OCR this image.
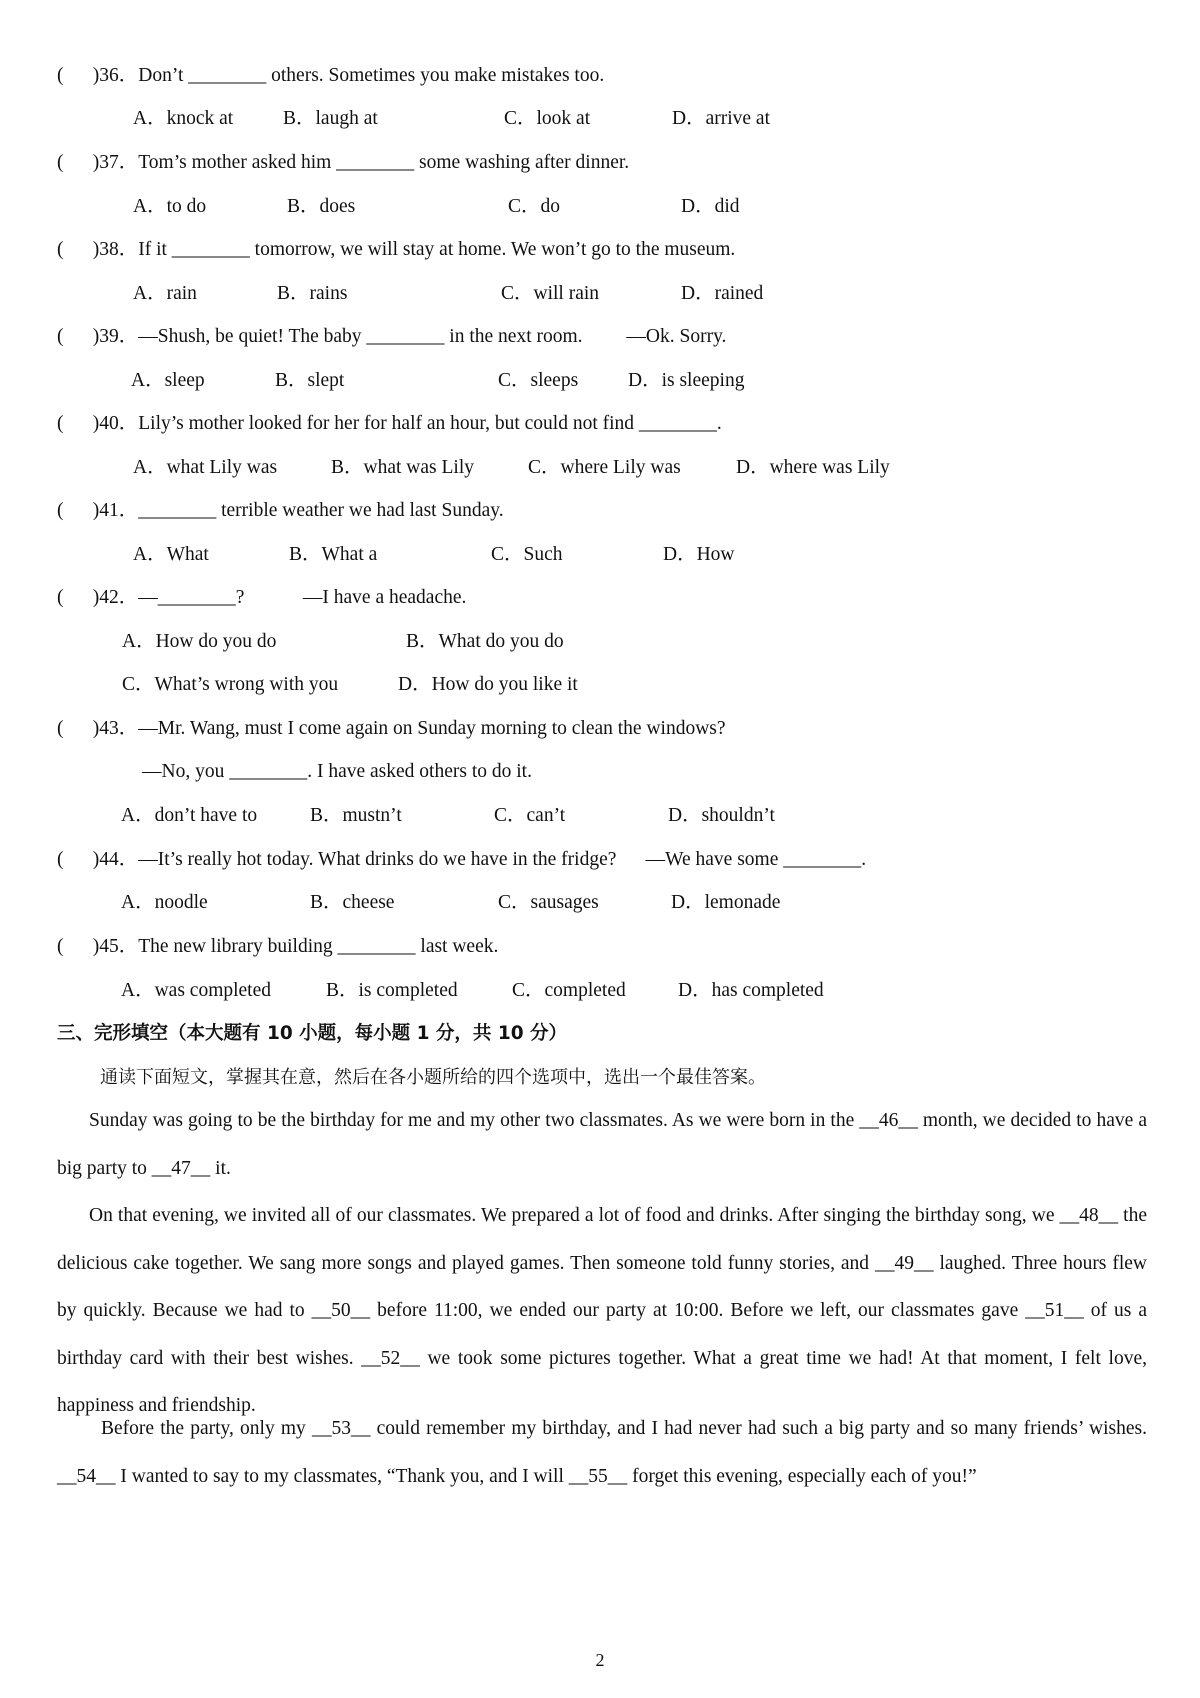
(      )36．Don’t ________ others. Sometimes you make mistakes too.
A．knock at	B．laugh at	C．look at	D．arrive at
(      )37．Tom’s mother asked him ________ some washing after dinner.
A．to do	B．does	C．do	D．did
(      )38．If it ________ tomorrow, we will stay at home. We won’t go to the museum.
A．rain	B．rains	C．will rain	D．rained
(      )39．—Shush, be quiet! The baby ________ in the next room.         —Ok. Sorry.
A．sleep	B．slept	C．sleeps	D．is sleeping
(      )40．Lily’s mother looked for her for half an hour, but could not find ________.
A．what Lily was	B．what was Lily	C．where Lily was	D．where was Lily
(      )41．________ terrible weather we had last Sunday.
A．What	B．What a	C．Such	D．How
(      )42．—________?            —I have a headache.
A．How do you do	B．What do you do
C．What’s wrong with you	D．How do you like it
(      )43．—Mr. Wang, must I come again on Sunday morning to clean the windows?
—No, you ________. I have asked others to do it.
A．don’t have to	B．mustn’t	C．can’t	D．shouldn’t
(      )44．—It’s really hot today. What drinks do we have in the fridge?      —We have some ________.
A．noodle	B．cheese	C．sausages	D．lemonade
(      )45．The new library building ________ last week.
A．was completed	B．is completed	C．completed	D．has completed
三、完形填空（本大题有 10 小题，每小题 1 分，共 10 分）
通读下面短文，掌握其在意，然后在各小题所给的四个选项中，选出一个最佳答案。
Sunday was going to be the birthday for me and my other two classmates. As we were born in the __46__ month, we decided to have a big party to __47__ it.
On that evening, we invited all of our classmates. We prepared a lot of food and drinks. After singing the birthday song, we __48__ the delicious cake together. We sang more songs and played games. Then someone told funny stories, and __49__ laughed. Three hours flew by quickly. Because we had to __50__ before 11:00, we ended our party at 10:00. Before we left, our classmates gave __51__ of us a birthday card with their best wishes. __52__ we took some pictures together. What a great time we had! At that moment, I felt love, happiness and friendship.
Before the party, only my __53__ could remember my birthday, and I had never had such a big party and so many friends’ wishes. __54__ I wanted to say to my classmates, “Thank you, and I will __55__ forget this evening, especially each of you!”
2
